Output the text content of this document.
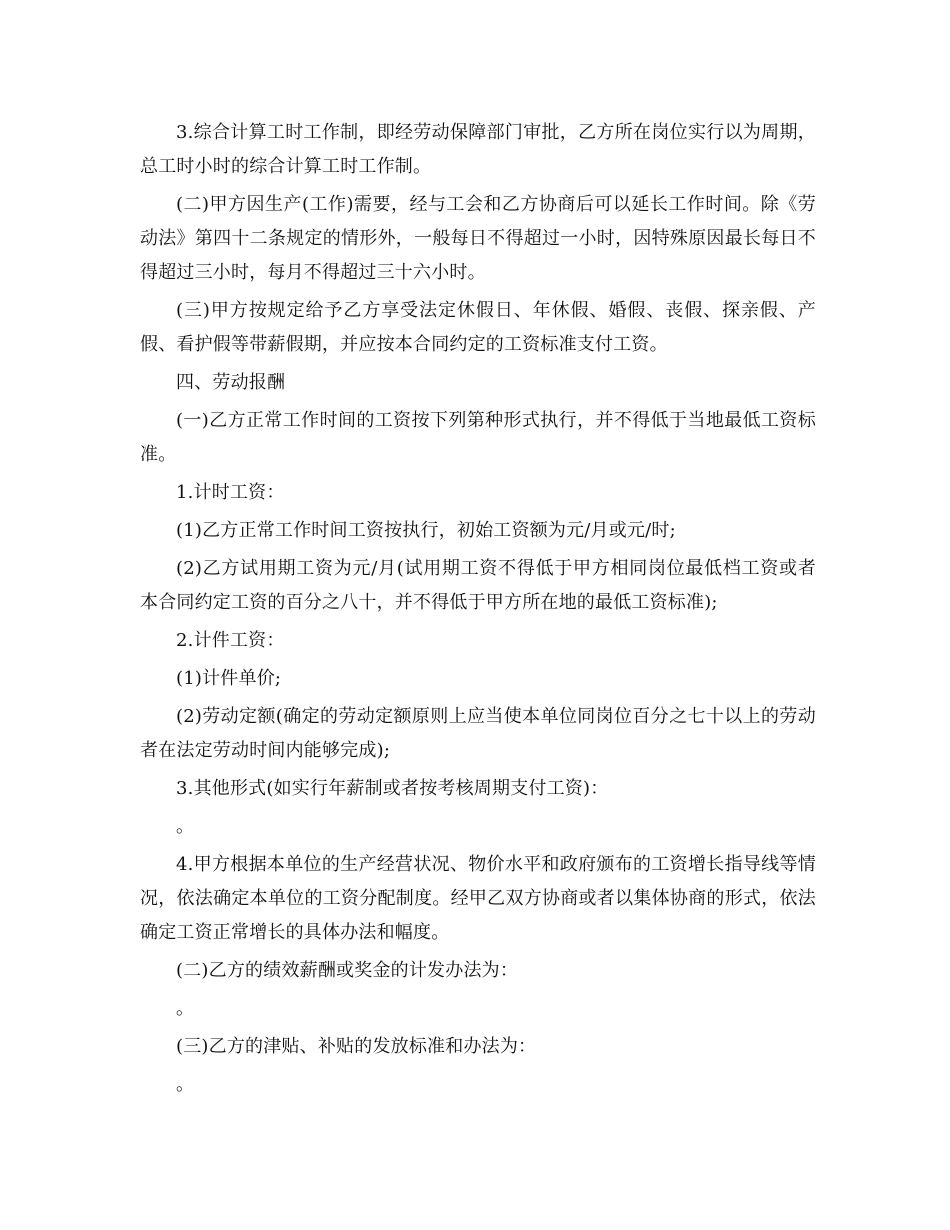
3.综合计算工时工作制，即经劳动保障部门审批，乙方所在岗位实行以为周期，总工时小时的综合计算工时工作制。

(二)甲方因生产(工作)需要，经与工会和乙方协商后可以延长工作时间。除《劳动法》第四十二条规定的情形外，一般每日不得超过一小时，因特殊原因最长每日不得超过三小时，每月不得超过三十六小时。

(三)甲方按规定给予乙方享受法定休假日、年休假、婚假、丧假、探亲假、产假、看护假等带薪假期，并应按本合同约定的工资标准支付工资。

四、劳动报酬

(一)乙方正常工作时间的工资按下列第种形式执行，并不得低于当地最低工资标准。

1.计时工资：

(1)乙方正常工作时间工资按执行，初始工资额为元/月或元/时;

(2)乙方试用期工资为元/月(试用期工资不得低于甲方相同岗位最低档工资或者本合同约定工资的百分之八十，并不得低于甲方所在地的最低工资标准);

2.计件工资：

(1)计件单价;

(2)劳动定额(确定的劳动定额原则上应当使本单位同岗位百分之七十以上的劳动者在法定劳动时间内能够完成);

3.其他形式(如实行年薪制或者按考核周期支付工资)：

。

4.甲方根据本单位的生产经营状况、物价水平和政府颁布的工资增长指导线等情况，依法确定本单位的工资分配制度。经甲乙双方协商或者以集体协商的形式，依法确定工资正常增长的具体办法和幅度。

(二)乙方的绩效薪酬或奖金的计发办法为：

。

(三)乙方的津贴、补贴的发放标准和办法为：

。
